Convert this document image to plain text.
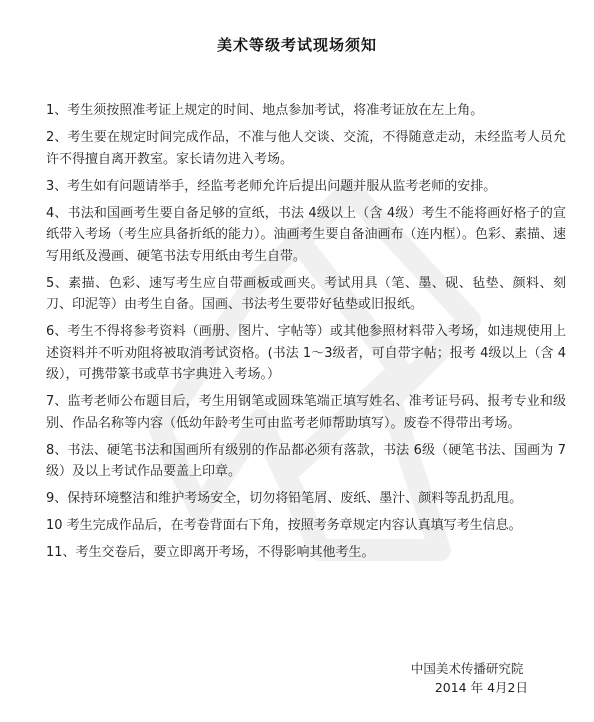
美术等级考试现场须知
1、考生须按照准考证上规定的时间、地点参加考试，将准考证放在左上角。
2、考生要在规定时间完成作品，不准与他人交谈、交流，不得随意走动，未经监考人员允许不得擅自离开教室。家长请勿进入考场。
3、考生如有问题请举手，经监考老师允许后提出问题并服从监考老师的安排。
4、书法和国画考生要自备足够的宣纸，书法 4级以上（含 4级）考生不能将画好格子的宣纸带入考场（考生应具备折纸的能力）。油画考生要自备油画布（连内框）。色彩、素描、速写用纸及漫画、硬笔书法专用纸由考生自带。
5、素描、色彩、速写考生应自带画板或画夹。考试用具（笔、墨、砚、毡垫、颜料、刻刀、印泥等）由考生自备。国画、书法考生要带好毡垫或旧报纸。
6、考生不得将参考资料（画册、图片、字帖等）或其他参照材料带入考场，如违规使用上述资料并不听劝阻将被取消考试资格。(书法 1～3级者，可自带字帖；报考 4级以上（含 4级），可携带篆书或草书字典进入考场。）
7、监考老师公布题目后，考生用钢笔或圆珠笔端正填写姓名、准考证号码、报考专业和级别、作品名称等内容（低幼年龄考生可由监考老师帮助填写）。废卷不得带出考场。
8、书法、硬笔书法和国画所有级别的作品都必须有落款，书法 6级（硬笔书法、国画为 7级）及以上考试作品要盖上印章。
9、保持环境整洁和维护考场安全，切勿将铅笔屑、废纸、墨汁、颜料等乱扔乱甩。
10 考生完成作品后，在考卷背面右下角，按照考务章规定内容认真填写考生信息。
11、考生交卷后，要立即离开考场，不得影响其他考生。
中国美术传播研究院
2014 年 4月2日
